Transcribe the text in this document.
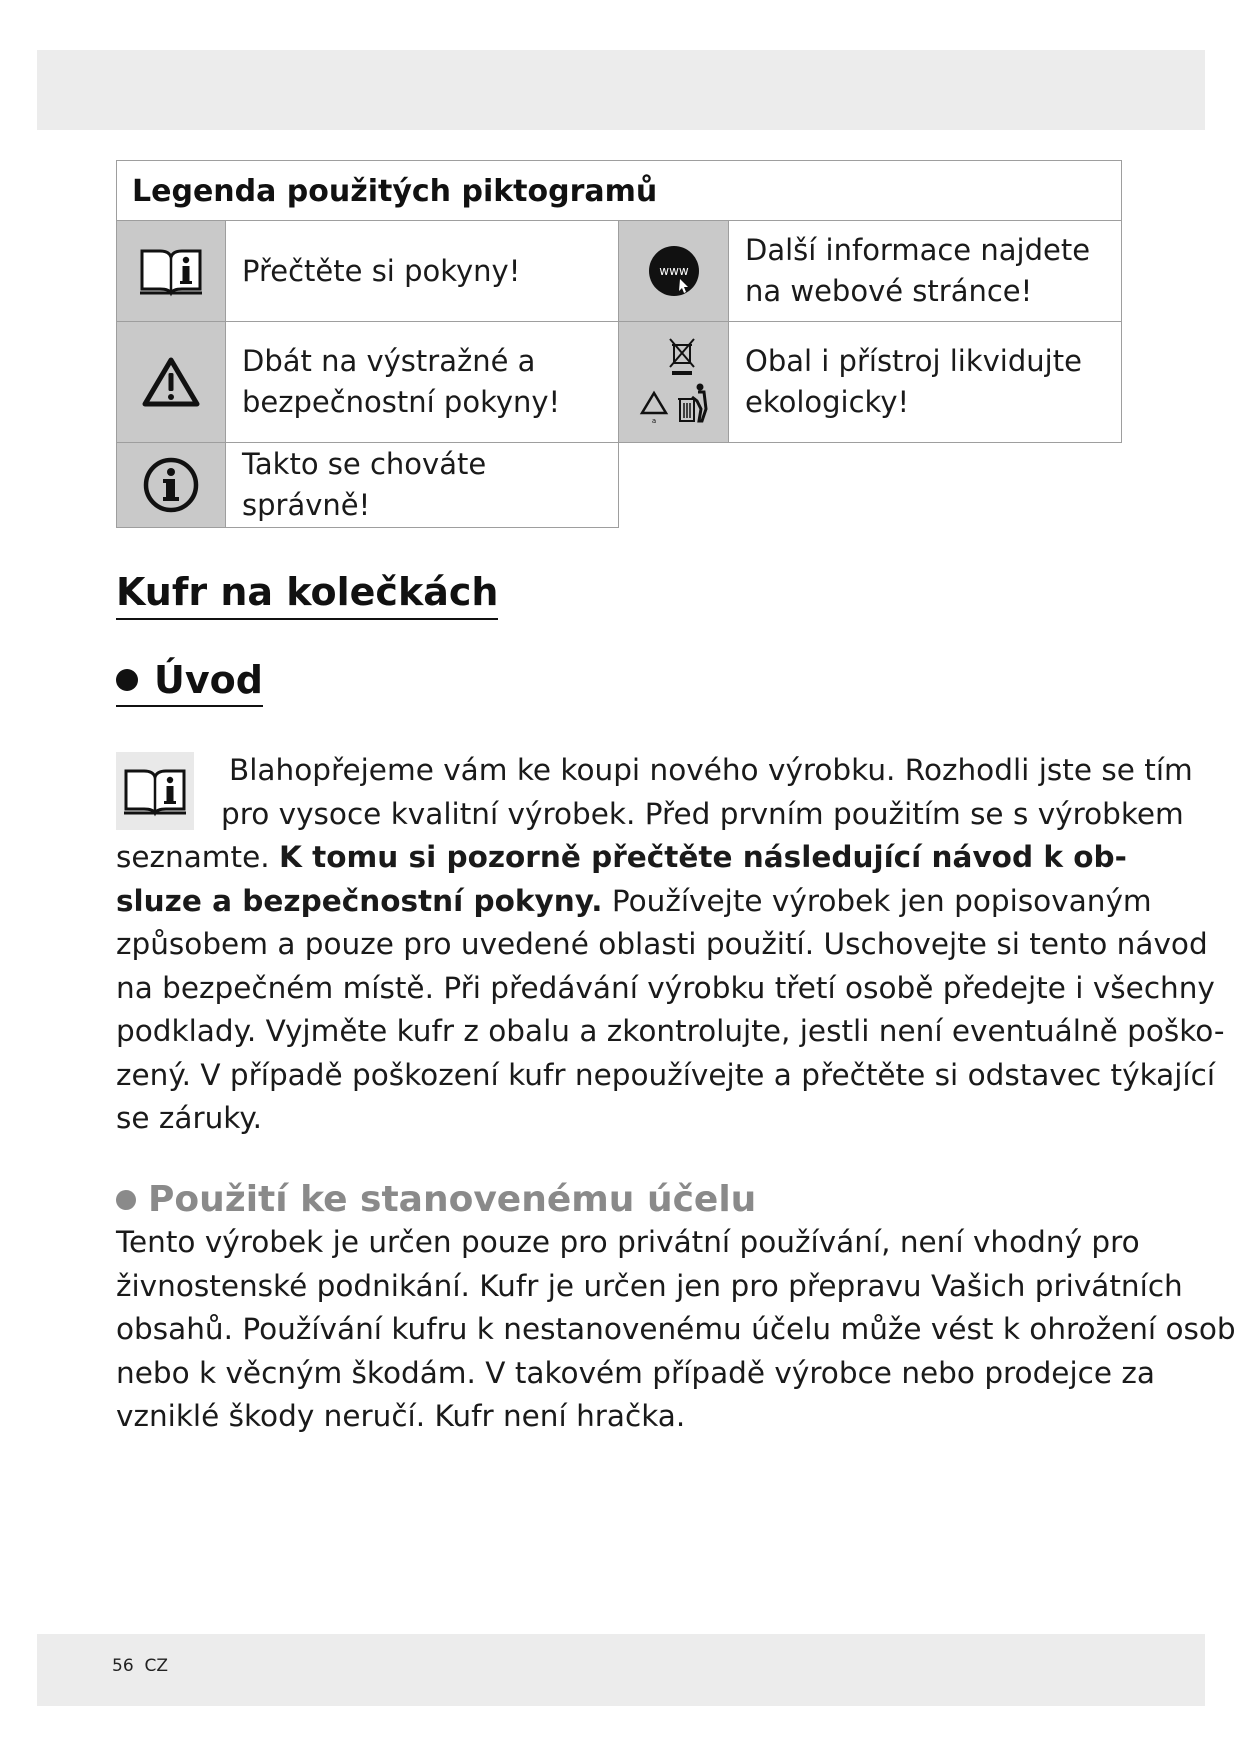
Legenda použitých piktogramů
Přečtěte si pokyny!	www
Další informace najdete na webové stránce!
Dbát na výstražné a bezpečnostní pokyny!
a
Obal i přístroj likvidujte ekologicky!
Takto se chováte správně!
Kufr na kolečkách
Úvod
Blahopřejeme vám ke koupi nového výrobku. Rozhodli jste se tím
pro vysoce kvalitní výrobek. Před prvním použitím se s výrobkem
seznamte. K tomu si pozorně přečtěte následující návod k ob-
sluze a bezpečnostní pokyny. Používejte výrobek jen popisovaným
způsobem a pouze pro uvedené oblasti použití. Uschovejte si tento návod
na bezpečném místě. Při předávání výrobku třetí osobě předejte i všechny
podklady. Vyjměte kufr z obalu a zkontrolujte, jestli není eventuálně poško-
zený. V případě poškození kufr nepoužívejte a přečtěte si odstavec týkající
se záruky.
Použití ke stanovenému účelu
Tento výrobek je určen pouze pro privátní používání, není vhodný pro
živnostenské podnikání. Kufr je určen jen pro přepravu Vašich privátních
obsahů. Používání kufru k nestanovenému účelu může vést k ohrožení osob
nebo k věcným škodám. V takovém případě výrobce nebo prodejce za
vzniklé škody neručí. Kufr není hračka.
56 CZ
